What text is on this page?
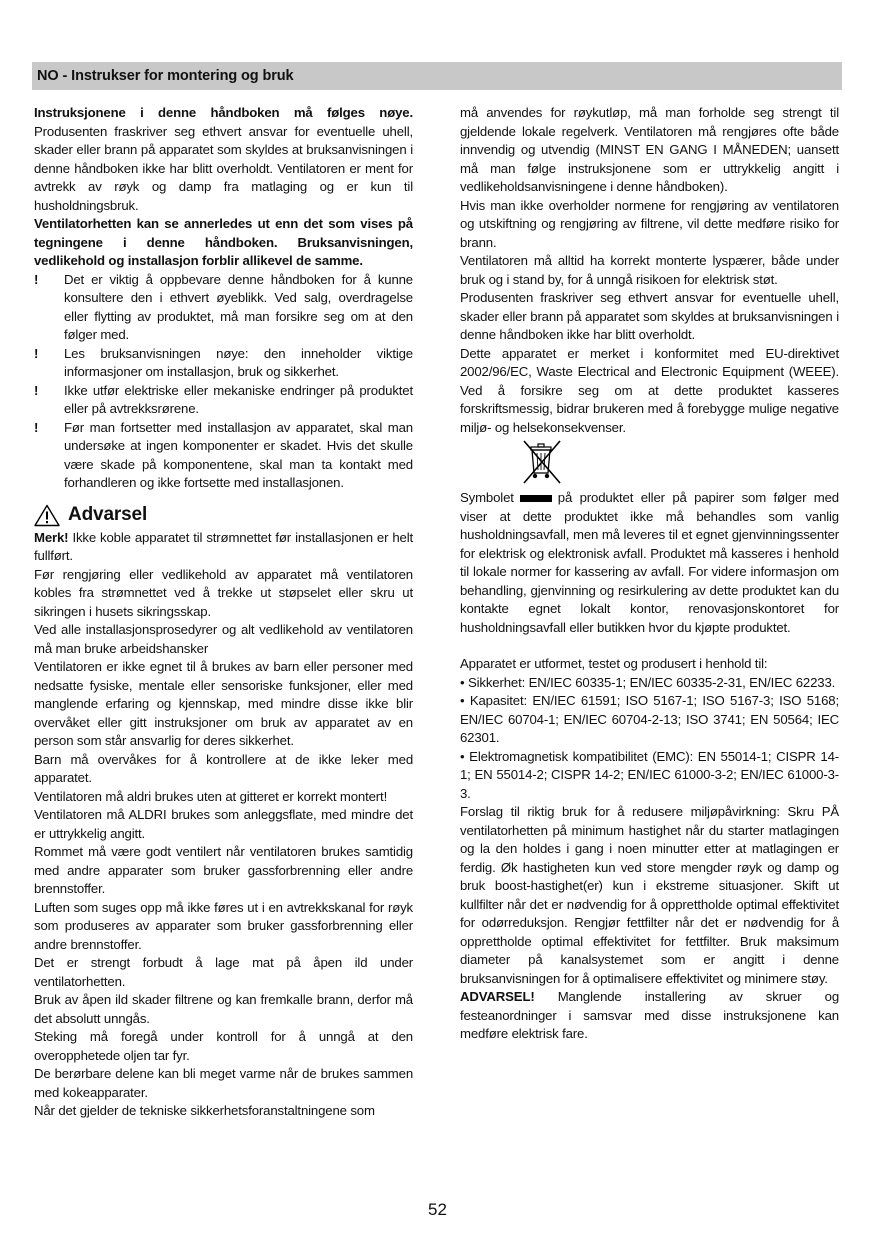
NO - Instrukser for montering og bruk

Instruksjonene i denne håndboken må følges nøye. Produsenten fraskriver seg ethvert ansvar for eventuelle uhell, skader eller brann på apparatet som skyldes at bruksanvisningen i denne håndboken ikke har blitt overholdt. Ventilatoren er ment for avtrekk av røyk og damp fra matlaging og er kun til husholdningsbruk.

Ventilatorhetten kan se annerledes ut enn det som vises på tegningene i denne håndboken. Bruksanvisningen, vedlikehold og installasjon forblir allikevel de samme.

!	Det er viktig å oppbevare denne håndboken for å kunne konsultere den i ethvert øyeblikk. Ved salg, overdragelse eller flytting av produktet, må man forsikre seg om at den følger med.
!	Les bruksanvisningen nøye: den inneholder viktige informasjoner om installasjon, bruk og sikkerhet.
!	Ikke utfør elektriske eller mekaniske endringer på produktet eller på avtrekksrørene.
!	Før man fortsetter med installasjon av apparatet, skal man undersøke at ingen komponenter er skadet. Hvis det skulle være skade på komponentene, skal man ta kontakt med forhandleren og ikke fortsette med installasjonen.
Advarsel

Merk! Ikke koble apparatet til strømnettet før installasjonen er helt fullført.

Før rengjøring eller vedlikehold av apparatet må ventilatoren kobles fra strømnettet ved å trekke ut støpselet eller skru ut sikringen i husets sikringsskap.

Ved alle installasjonsprosedyrer og alt vedlikehold av ventilatoren må man bruke arbeidshansker

Ventilatoren er ikke egnet til å brukes av barn eller personer med nedsatte fysiske, mentale eller sensoriske funksjoner, eller med manglende erfaring og kjennskap, med mindre disse ikke blir overvåket eller gitt instruksjoner om bruk av apparatet av en person som står ansvarlig for deres sikkerhet.

Barn må overvåkes for å kontrollere at de ikke leker med apparatet.

Ventilatoren må aldri brukes uten at gitteret er korrekt montert!

Ventilatoren må ALDRI brukes som anleggsflate, med mindre det er uttrykkelig angitt.

Rommet må være godt ventilert når ventilatoren brukes samtidig med andre apparater som bruker gassforbrenning eller andre brennstoffer.

Luften som suges opp må ikke føres ut i en avtrekkskanal for røyk som produseres av apparater som bruker gassforbrenning eller andre brennstoffer.

Det er strengt forbudt å lage mat på åpen ild under ventilatorhetten.

Bruk av åpen ild skader filtrene og kan fremkalle brann, derfor må det absolutt unngås.

Steking må foregå under kontroll for å unngå at den overopphetede oljen tar fyr.

De berørbare delene kan bli meget varme når de brukes sammen med kokeapparater.

Når det gjelder de tekniske sikkerhetsforanstaltningene som

må anvendes for røykutløp, må man forholde seg strengt til gjeldende lokale regelverk. Ventilatoren må rengjøres ofte både innvendig og utvendig (MINST EN GANG I MÅNEDEN; uansett må man følge instruksjonene som er uttrykkelig angitt i vedlikeholdsanvisningene i denne håndboken).

Hvis man ikke overholder normene for rengjøring av ventilatoren og utskiftning og rengjøring av filtrene, vil dette medføre risiko for brann.

Ventilatoren må alltid ha korrekt monterte lyspærer, både under bruk og i stand by, for å unngå risikoen for elektrisk støt.

Produsenten fraskriver seg ethvert ansvar for eventuelle uhell, skader eller brann på apparatet som skyldes at bruksanvisningen i denne håndboken ikke har blitt overholdt.

Dette apparatet er merket i konformitet med EU-direktivet 2002/96/EC, Waste Electrical and Electronic Equipment (WEEE). Ved å forsikre seg om at dette produktet kasseres forskriftsmessig, bidrar brukeren med å forebygge mulige negative miljø- og helsekonsekvenser.

Symbolet	på produktet eller på papirer som følger med viser at dette produktet ikke må behandles som vanlig husholdningsavfall, men må leveres til et egnet gjenvinningssenter for elektrisk og elektronisk avfall. Produktet må kasseres i henhold til lokale normer for kassering av avfall. For videre informasjon om behandling, gjenvinning og resirkulering av dette produktet kan du kontakte egnet lokalt kontor, renovasjonskontoret for husholdningsavfall eller butikken hvor du kjøpte produktet.

Apparatet er utformet, testet og produsert i henhold til:

• Sikkerhet: EN/IEC 60335-1; EN/IEC 60335-2-31, EN/IEC 62233.

• Kapasitet: EN/IEC 61591; ISO 5167-1; ISO 5167-3; ISO 5168; EN/IEC 60704-1; EN/IEC 60704-2-13; ISO 3741; EN 50564; IEC 62301.

• Elektromagnetisk kompatibilitet (EMC): EN 55014-1; CISPR 14-1; EN 55014-2; CISPR 14-2; EN/IEC 61000-3-2; EN/IEC 61000-3-3.

Forslag til riktig bruk for å redusere miljøpåvirkning: Skru PÅ ventilatorhetten på minimum hastighet når du starter matlagingen og la den holdes i gang i noen minutter etter at matlagingen er ferdig. Øk hastigheten kun ved store mengder røyk og damp og bruk boost-hastighet(er) kun i ekstreme situasjoner. Skift ut kullfilter når det er nødvendig for å opprettholde optimal effektivitet for odørreduksjon. Rengjør fettfilter når det er nødvendig for å opprettholde optimal effektivitet for fettfilter. Bruk maksimum diameter på kanalsystemet som er angitt i denne bruksanvisningen for å optimalisere effektivitet og minimere støy.

ADVARSEL! Manglende installering av skruer og festeanordninger i samsvar med disse instruksjonene kan medføre elektrisk fare.

52
